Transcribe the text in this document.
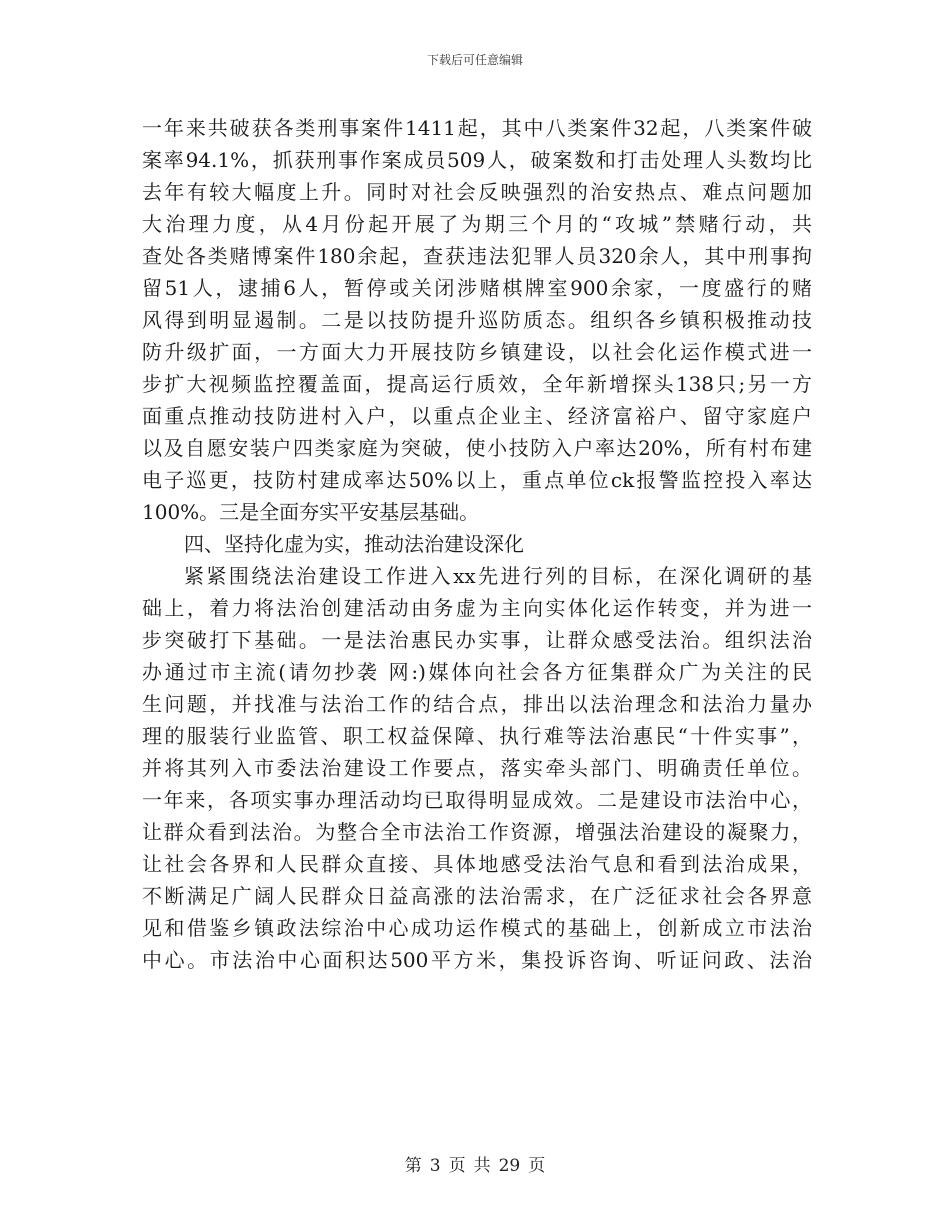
下载后可任意编辑
一年来共破获各类刑事案件1411起，其中八类案件32起，八类案件破
案率94.1%，抓获刑事作案成员509人，破案数和打击处理人头数均比
去年有较大幅度上升。同时对社会反映强烈的治安热点、难点问题加
大治理力度，从4月份起开展了为期三个月的“攻城”禁赌行动，共
查处各类赌博案件180余起，查获违法犯罪人员320余人，其中刑事拘
留51人，逮捕6人，暂停或关闭涉赌棋牌室900余家，一度盛行的赌
风得到明显遏制。二是以技防提升巡防质态。组织各乡镇积极推动技
防升级扩面，一方面大力开展技防乡镇建设，以社会化运作模式进一
步扩大视频监控覆盖面，提高运行质效，全年新增探头138只;另一方
面重点推动技防进村入户，以重点企业主、经济富裕户、留守家庭户
以及自愿安装户四类家庭为突破，使小技防入户率达20%，所有村布建
电子巡更，技防村建成率达50%以上，重点单位ck报警监控投入率达
100%。三是全面夯实平安基层基础。
四、坚持化虚为实，推动法治建设深化
紧紧围绕法治建设工作进入xx先进行列的目标，在深化调研的基
础上，着力将法治创建活动由务虚为主向实体化运作转变，并为进一
步突破打下基础。一是法治惠民办实事，让群众感受法治。组织法治
办通过市主流(请勿抄袭 网:)媒体向社会各方征集群众广为关注的民
生问题，并找准与法治工作的结合点，排出以法治理念和法治力量办
理的服装行业监管、职工权益保障、执行难等法治惠民“十件实事”，
并将其列入市委法治建设工作要点，落实牵头部门、明确责任单位。
一年来，各项实事办理活动均已取得明显成效。二是建设市法治中心，
让群众看到法治。为整合全市法治工作资源，增强法治建设的凝聚力，
让社会各界和人民群众直接、具体地感受法治气息和看到法治成果，
不断满足广阔人民群众日益高涨的法治需求，在广泛征求社会各界意
见和借鉴乡镇政法综治中心成功运作模式的基础上，创新成立市法治
中心。市法治中心面积达500平方米，集投诉咨询、听证问政、法治
第 3 页 共 29 页
